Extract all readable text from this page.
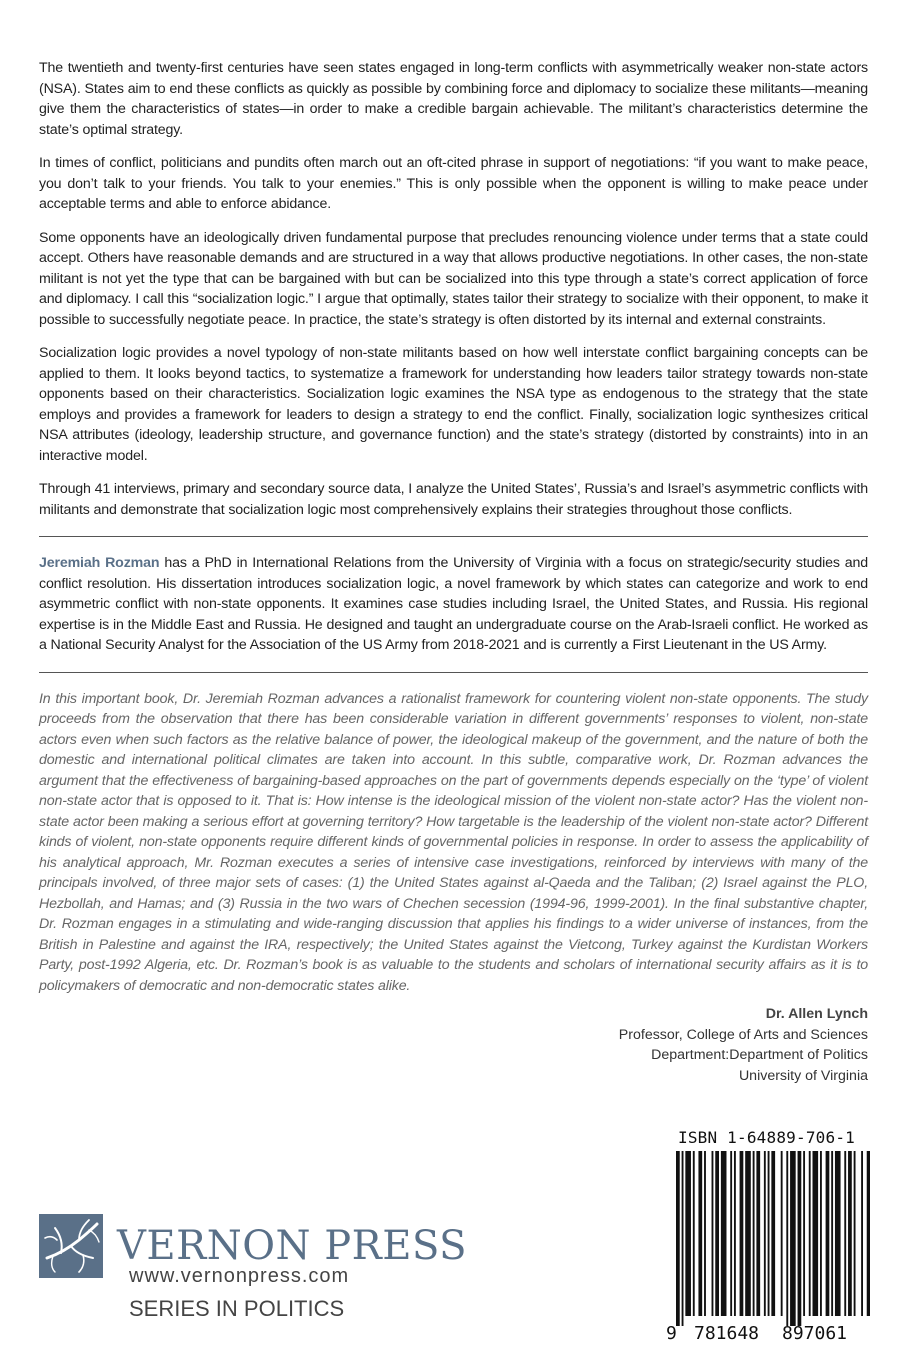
The twentieth and twenty-first centuries have seen states engaged in long-term conflicts with asymmetrically weaker non-state actors (NSA). States aim to end these conflicts as quickly as possible by combining force and diplomacy to socialize these militants—meaning give them the characteristics of states—in order to make a credible bargain achievable. The militant’s characteristics determine the state’s optimal strategy.

In times of conflict, politicians and pundits often march out an oft-cited phrase in support of negotiations: “if you want to make peace, you don’t talk to your friends. You talk to your enemies.” This is only possible when the opponent is willing to make peace under acceptable terms and able to enforce abidance.

Some opponents have an ideologically driven fundamental purpose that precludes renouncing violence under terms that a state could accept. Others have reasonable demands and are structured in a way that allows productive negotiations. In other cases, the non-state militant is not yet the type that can be bargained with but can be socialized into this type through a state’s correct application of force and diplomacy. I call this “socialization logic.” I argue that optimally, states tailor their strategy to socialize with their opponent, to make it possible to successfully negotiate peace. In practice, the state’s strategy is often distorted by its internal and external constraints.

Socialization logic provides a novel typology of non-state militants based on how well interstate conflict bargaining concepts can be applied to them. It looks beyond tactics, to systematize a framework for understanding how leaders tailor strategy towards non-state opponents based on their characteristics. Socialization logic examines the NSA type as endogenous to the strategy that the state employs and provides a framework for leaders to design a strategy to end the conflict. Finally, socialization logic synthesizes critical NSA attributes (ideology, leadership structure, and governance function) and the state’s strategy (distorted by constraints) into in an interactive model.

Through 41 interviews, primary and secondary source data, I analyze the United States’, Russia’s and Israel’s asymmetric conflicts with militants and demonstrate that socialization logic most comprehensively explains their strategies throughout those conflicts.

Jeremiah Rozman has a PhD in International Relations from the University of Virginia with a focus on strategic/security studies and conflict resolution. His dissertation introduces socialization logic, a novel framework by which states can categorize and work to end asymmetric conflict with non-state opponents. It examines case studies including Israel, the United States, and Russia. His regional expertise is in the Middle East and Russia. He designed and taught an undergraduate course on the Arab-Israeli conflict. He worked as a National Security Analyst for the Association of the US Army from 2018-2021 and is currently a First Lieutenant in the US Army.

In this important book, Dr. Jeremiah Rozman advances a rationalist framework for countering violent non-state opponents. The study proceeds from the observation that there has been considerable variation in different governments’ responses to violent, non-state actors even when such factors as the relative balance of power, the ideological makeup of the government, and the nature of both the domestic and international political climates are taken into account. In this subtle, comparative work, Dr. Rozman advances the argument that the effectiveness of bargaining-based approaches on the part of governments depends especially on the ‘type’ of violent non-state actor that is opposed to it. That is: How intense is the ideological mission of the violent non-state actor? Has the violent non-state actor been making a serious effort at governing territory? How targetable is the leadership of the violent non-state actor? Different kinds of violent, non-state opponents require different kinds of governmental policies in response. In order to assess the applicability of his analytical approach, Mr. Rozman executes a series of intensive case investigations, reinforced by interviews with many of the principals involved, of three major sets of cases: (1) the United States against al-Qaeda and the Taliban; (2) Israel against the PLO, Hezbollah, and Hamas; and (3) Russia in the two wars of Chechen secession (1994-96, 1999-2001). In the final substantive chapter, Dr. Rozman engages in a stimulating and wide-ranging discussion that applies his findings to a wider universe of instances, from the British in Palestine and against the IRA, respectively; the United States against the Vietcong, Turkey against the Kurdistan Workers Party, post-1992 Algeria, etc. Dr. Rozman’s book is as valuable to the students and scholars of international security affairs as it is to policymakers of democratic and non-democratic states alike.

Dr. Allen Lynch
Professor, College of Arts and Sciences
Department:Department of Politics
University of Virginia
VERNON PRESS
www.vernonpress.com
SERIES IN POLITICS
ISBN 1-64889-706-1
9 781648 897061
